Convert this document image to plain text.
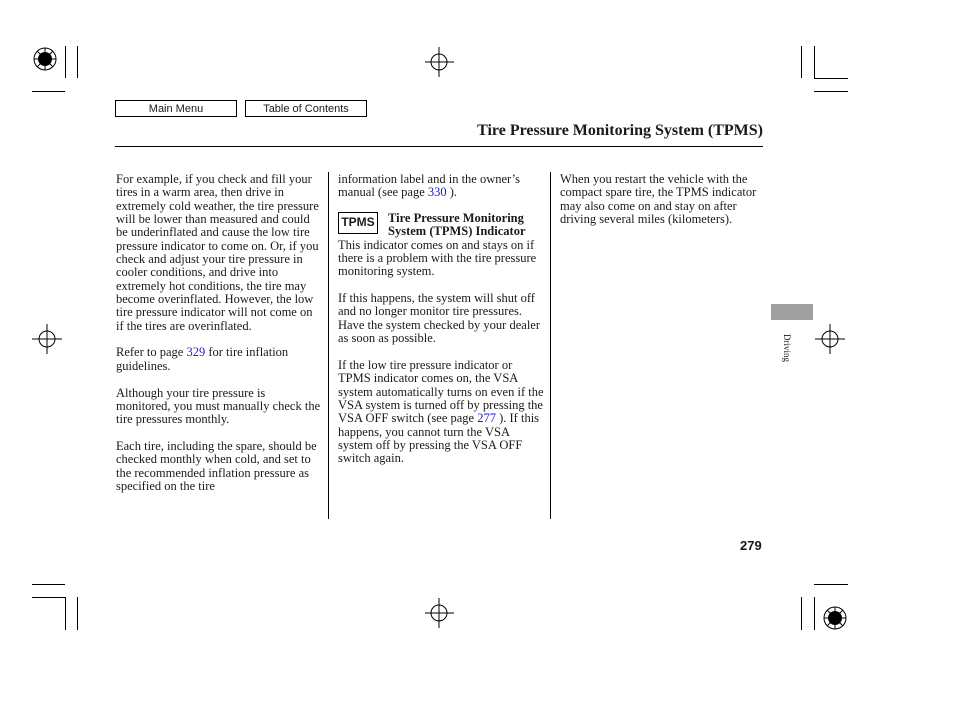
Main Menu	Table of Contents
Tire Pressure Monitoring System (TPMS)

For example, if you check and fill your tires in a warm area, then drive in extremely cold weather, the tire pressure will be lower than measured and could be underinflated and cause the low tire pressure indicator to come on. Or, if you check and adjust your tire pressure in cooler conditions, and drive into extremely hot conditions, the tire may become overinflated. However, the low tire pressure indicator will not come on if the tires are overinflated.

Refer to page 329 for tire inflation guidelines.

Although your tire pressure is monitored, you must manually check the tire pressures monthly.

Each tire, including the spare, should be checked monthly when cold, and set to the recommended inflation pressure as specified on the tire

information label and in the owner’s manual (see page 330 ).

TPMS	Tire Pressure Monitoring System (TPMS) Indicator

This indicator comes on and stays on if there is a problem with the tire pressure monitoring system.

If this happens, the system will shut off and no longer monitor tire pressures. Have the system checked by your dealer as soon as possible.

If the low tire pressure indicator or TPMS indicator comes on, the VSA system automatically turns on even if the VSA system is turned off by pressing the VSA OFF switch (see page 277 ). If this happens, you cannot turn the VSA system off by pressing the VSA OFF switch again.

When you restart the vehicle with the compact spare tire, the TPMS indicator may also come on and stay on after driving several miles (kilometers).

Driving
279
